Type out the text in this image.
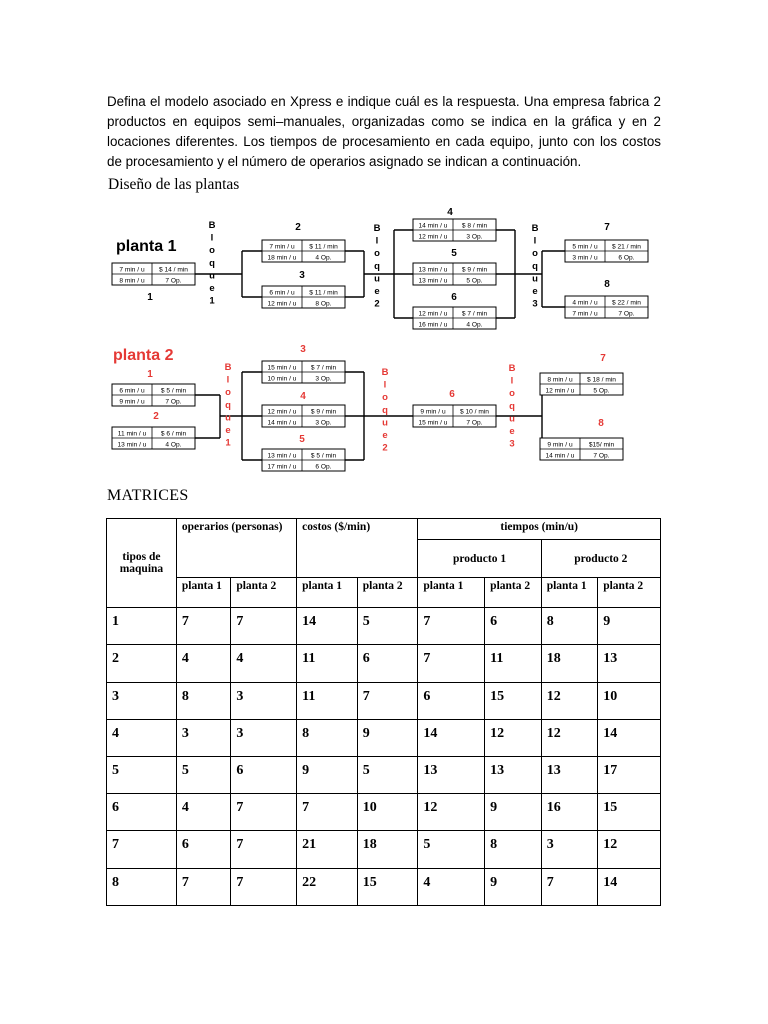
Defina el modelo asociado en Xpress e indique cuál es la respuesta. Una empresa fabrica 2 productos en equipos semi–manuales, organizadas como se indica en la gráfica y en 2 locaciones diferentes. Los tiempos de procesamiento en cada equipo, junto con los costos de procesamiento y el número de operarios asignado se indican a continuación.
Diseño de las plantas
planta 1
planta 2
1
7 min / u $ 14 / min
8 min / u	7 Op.
2
7 min / u $ 11 / min
18 min / u	4 Op.
3
6 min / u $ 11 / min
12 min / u	8 Op.
4
14 min / u $ 8 / min
12 min / u	3 Op.
5
13 min / u $ 9 / min
13 min / u	5 Op.
6
12 min / u $ 7 / min
16 min / u	4 Op.
7
5 min / u $ 21 / min
3 min / u	6 Op.
8
4 min / u $ 22 / min
7 min / u	7 Op.
1
6 min / u $ 5 / min
9 min / u	7 Op.
2
11 min / u $ 6 / min
13 min / u	4 Op.
3
15 min / u $ 7 / min
10 min / u	3 Op.
4
12 min / u $ 9 / min
14 min / u	3 Op.
5
13 min / u $ 5 / min
17 min / u	6 Op.
6
9 min / u $ 10 / min
15 min / u	7 Op.
7
8 min / u $ 18 / min
12 min / u	5 Op.
8
9 min / u $15/ min
14 min / u	7 Op.
B l o q u e 1
B l o q u e 2
B l o q u e 3
B l o q u e 1
B l o q u e 2
B l o q u e 3
MATRICES
tipos de maquina	operarios (personas)		costos ($/min)		tiempos (min/u)			
					producto 1		producto 2	
	planta 1	planta 2	planta 1	planta 2	planta 1	planta 2	planta 1	planta 2
1	7	7	14	5	7	6	8	9
2	4	4	11	6	7	11	18	13
3	8	3	11	7	6	15	12	10
4	3	3	8	9	14	12	12	14
5	5	6	9	5	13	13	13	17
6	4	7	7	10	12	9	16	15
7	6	7	21	18	5	8	3	12
8	7	7	22	15	4	9	7	14
